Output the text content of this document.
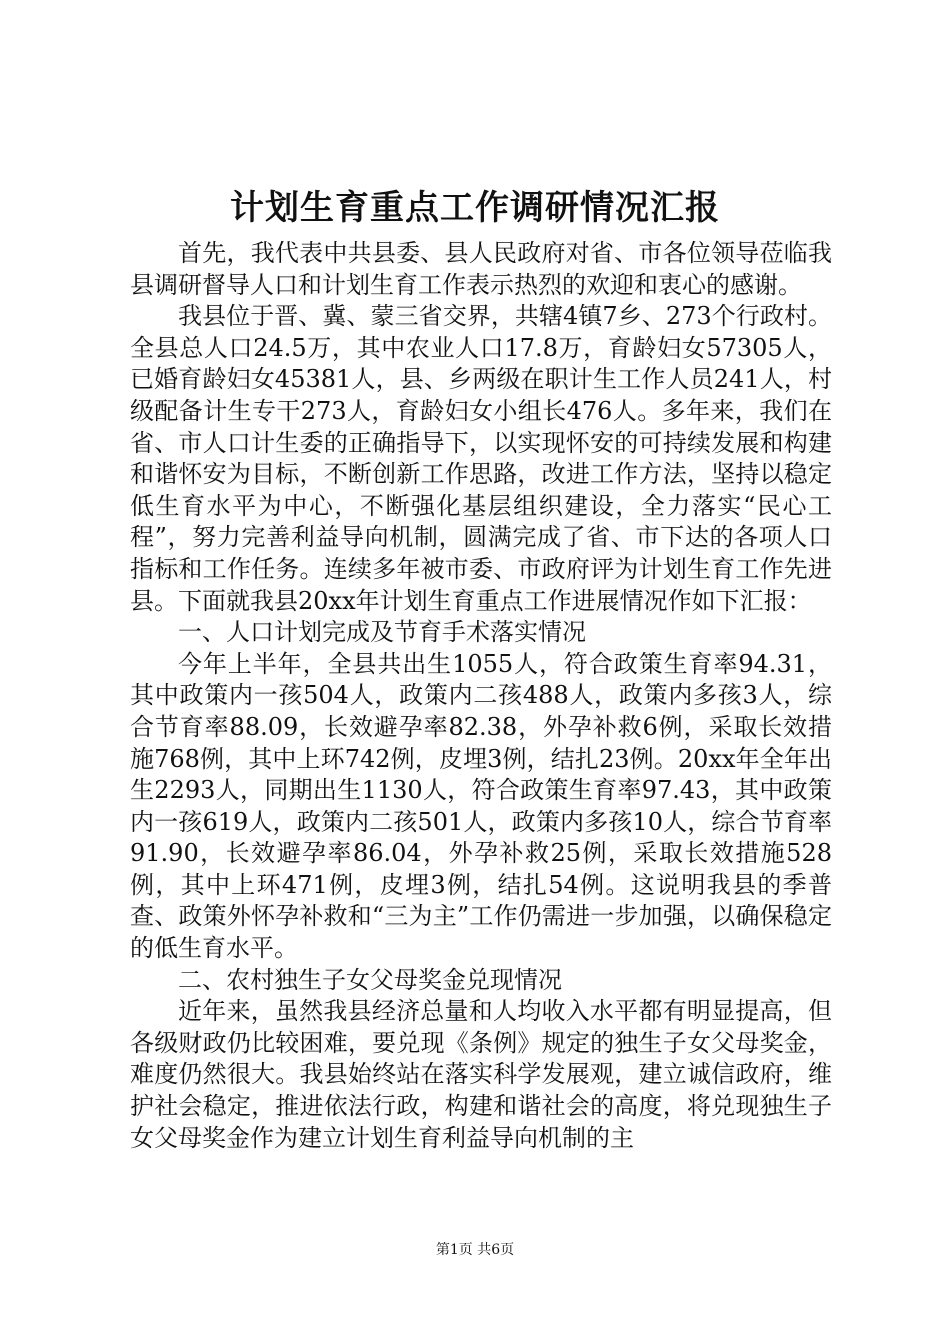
计划生育重点工作调研情况汇报

首先，我代表中共县委、县人民政府对省、市各位领导莅临我县调研督导人口和计划生育工作表示热烈的欢迎和衷心的感谢。

我县位于晋、冀、蒙三省交界，共辖4镇7乡、273个行政村。全县总人口24.5万，其中农业人口17.8万，育龄妇女57305人，已婚育龄妇女45381人，县、乡两级在职计生工作人员241人，村级配备计生专干273人，育龄妇女小组长476人。多年来，我们在省、市人口计生委的正确指导下，以实现怀安的可持续发展和构建和谐怀安为目标，不断创新工作思路，改进工作方法，坚持以稳定低生育水平为中心，不断强化基层组织建设，全力落实“民心工程”，努力完善利益导向机制，圆满完成了省、市下达的各项人口指标和工作任务。连续多年被市委、市政府评为计划生育工作先进县。下面就我县20xx年计划生育重点工作进展情况作如下汇报：

一、人口计划完成及节育手术落实情况

今年上半年，全县共出生1055人，符合政策生育率94.31，其中政策内一孩504人，政策内二孩488人，政策内多孩3人，综合节育率88.09，长效避孕率82.38，外孕补救6例，采取长效措施768例，其中上环742例，皮埋3例，结扎23例。20xx年全年出生2293人，同期出生1130人，符合政策生育率97.43，其中政策内一孩619人，政策内二孩501人，政策内多孩10人，综合节育率91.90，长效避孕率86.04，外孕补救25例，采取长效措施528例，其中上环471例，皮埋3例，结扎54例。这说明我县的季普查、政策外怀孕补救和“三为主”工作仍需进一步加强，以确保稳定的低生育水平。

二、农村独生子女父母奖金兑现情况

近年来，虽然我县经济总量和人均收入水平都有明显提高，但各级财政仍比较困难，要兑现《条例》规定的独生子女父母奖金，难度仍然很大。我县始终站在落实科学发展观，建立诚信政府，维护社会稳定，推进依法行政，构建和谐社会的高度，将兑现独生子女父母奖金作为建立计划生育利益导向机制的主

第1页 共6页
